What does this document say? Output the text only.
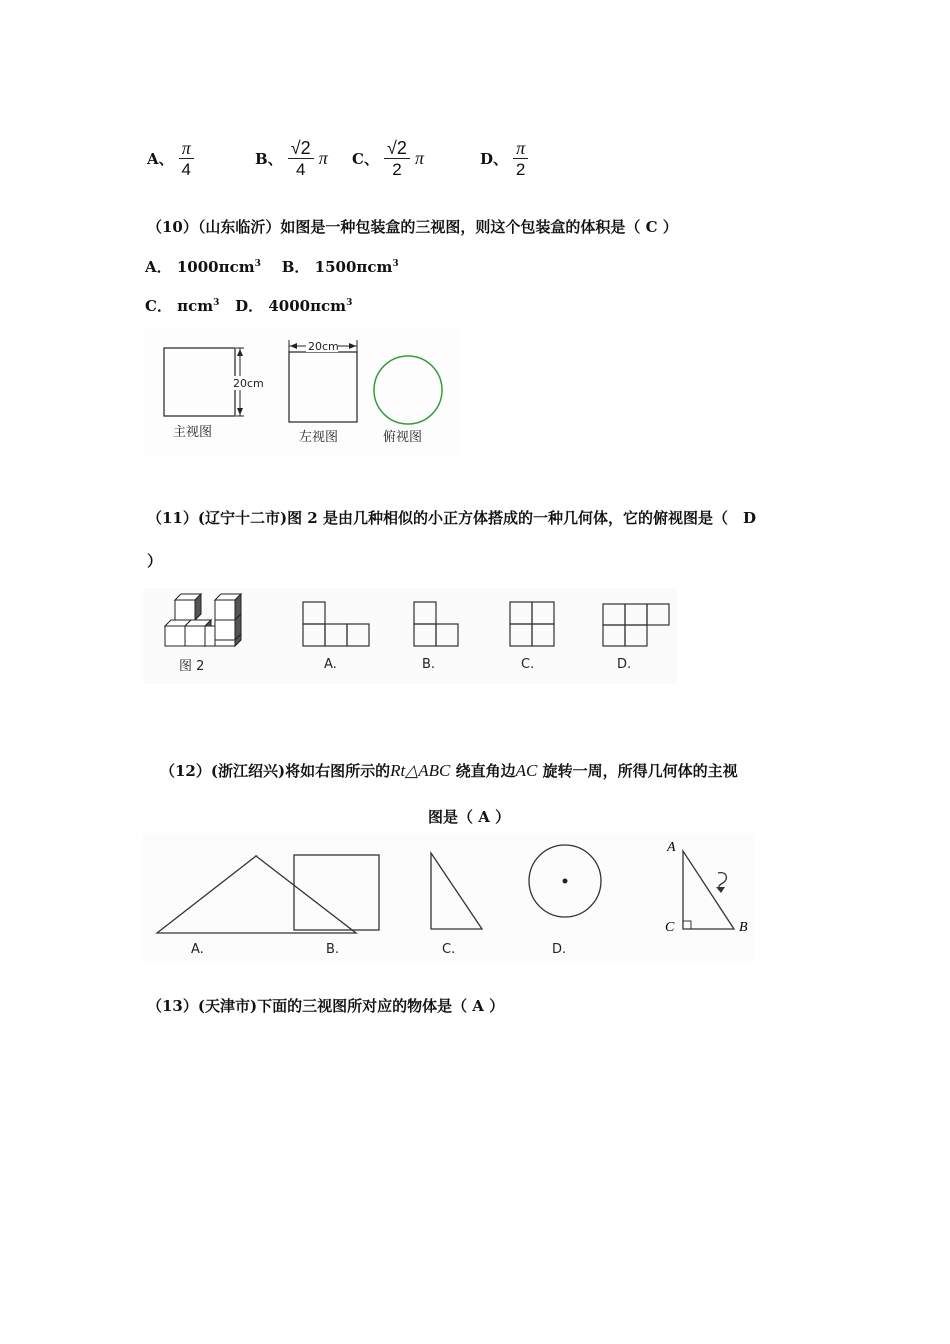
A、 $\frac{\pi}{4}$	B、 $\frac{√2}{4}$ π C、 $\frac{√2}{2}$ π	D、 $\frac{\pi}{2}$
（10）（山东临沂）如图是一种包装盒的三视图，则这个包装盒的体积是（ C ）
A． 1000πcm$^3$ B． 1500πcm$^3$
C． πcm$^3$ D． 4000πcm$^3$
20cm
主视图
20cm
左视图	俯视图
（11）(辽宁十二市)图 2 是由几种相似的小正方体搭成的一种几何体，它的俯视图是（　D
）
图 2	A.	B.	C.	D.
（12）(浙江绍兴)将如右图所示的Rt△ABC 绕直角边AC 旋转一周，所得几何体的主视
图是（ A ）
A.	B.	C.	D.
A
C	B
（13）(天津市)下面的三视图所对应的物体是（ A ）
